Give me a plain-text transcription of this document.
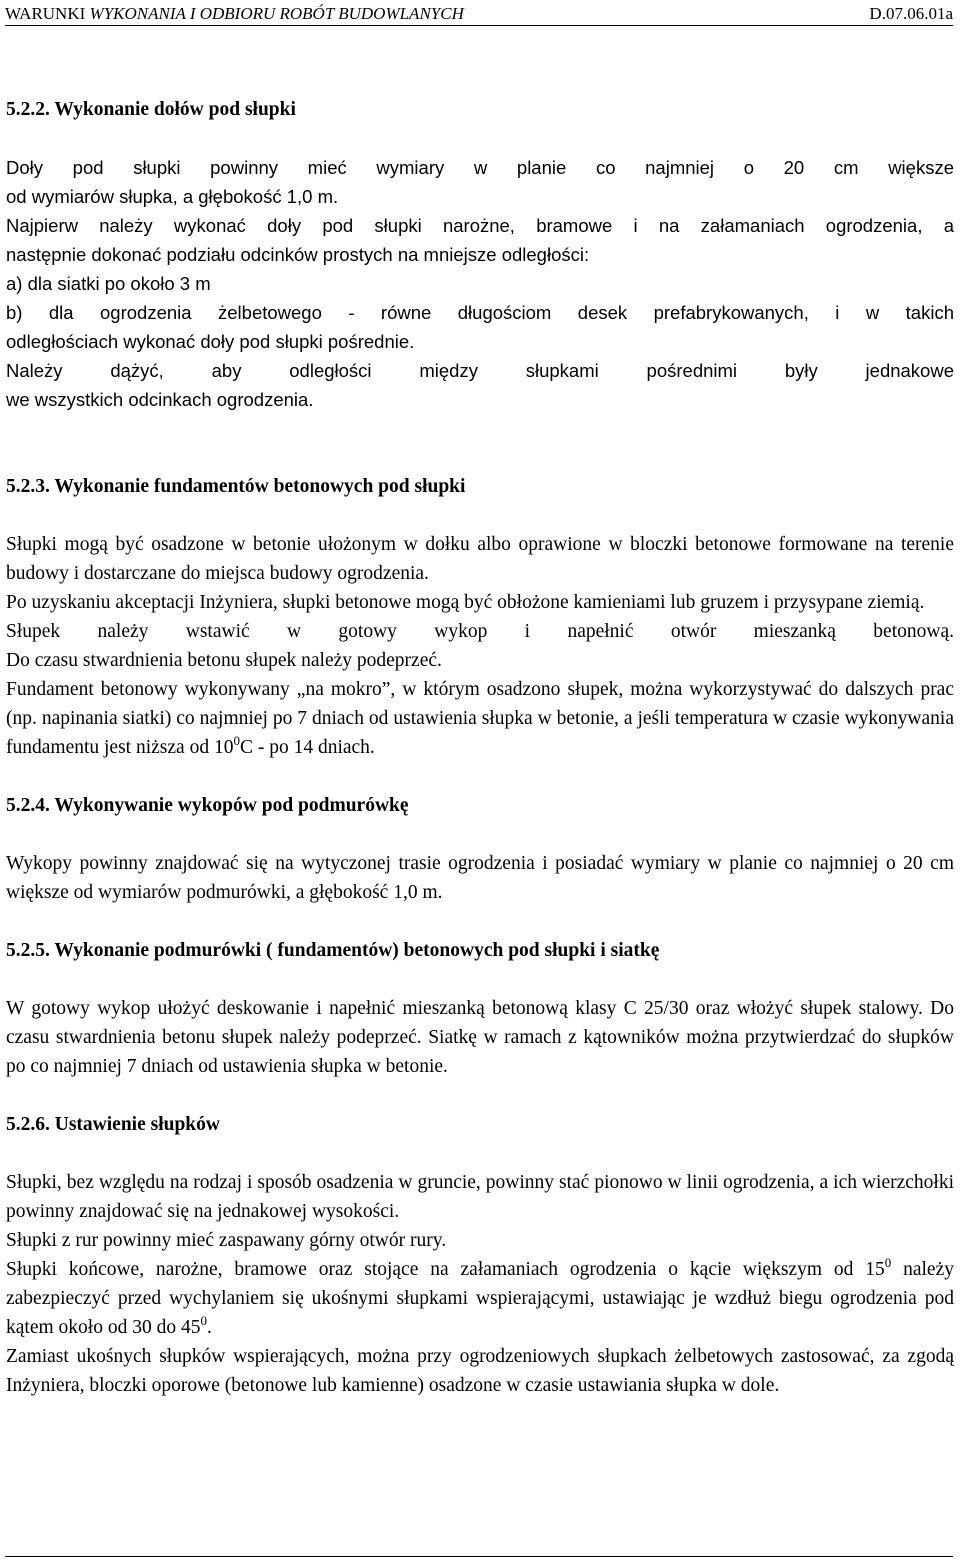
WARUNKI WYKONANIA I ODBIORU ROBÓT BUDOWLANYCH	D.07.06.01a

5.2.2. Wykonanie dołów pod słupki

Doły pod słupki powinny mieć wymiary w planie co najmniej o 20 cm większe

od wymiarów słupka, a głębokość 1,0 m.

Najpierw należy wykonać doły pod słupki narożne, bramowe i na załamaniach ogrodzenia, a

następnie dokonać podziału odcinków prostych na mniejsze odległości:

a) dla siatki po około 3 m

b) dla ogrodzenia żelbetowego - równe długościom desek prefabrykowanych, i w takich

odległościach wykonać doły pod słupki pośrednie.

Należy dążyć, aby odległości między słupkami pośrednimi były jednakowe

we wszystkich odcinkach ogrodzenia.

5.2.3. Wykonanie fundamentów betonowych pod słupki

Słupki mogą być osadzone w betonie ułożonym w dołku albo oprawione w bloczki betonowe formowane na terenie budowy i dostarczane do miejsca budowy ogrodzenia.

Po uzyskaniu akceptacji Inżyniera, słupki betonowe mogą być obłożone kamieniami lub gruzem i przysypane ziemią.

Słupek należy wstawić w gotowy wykop i napełnić otwór mieszanką betonową.

Do czasu stwardnienia betonu słupek należy podeprzeć.

Fundament betonowy wykonywany „na mokro”, w którym osadzono słupek, można wykorzystywać do dalszych prac (np. napinania siatki) co najmniej po 7 dniach od ustawienia słupka w betonie, a jeśli temperatura w czasie wykonywania fundamentu jest niższa od $10^0C$ - po 14 dniach.

5.2.4. Wykonywanie wykopów pod podmurówkę

Wykopy powinny znajdować się na wytyczonej trasie ogrodzenia i posiadać wymiary w planie co najmniej o 20 cm większe od wymiarów podmurówki, a głębokość 1,0 m.

5.2.5. Wykonanie podmurówki ( fundamentów) betonowych pod słupki i siatkę

W gotowy wykop ułożyć deskowanie i napełnić mieszanką betonową klasy C 25/30 oraz włożyć słupek stalowy. Do czasu stwardnienia betonu słupek należy podeprzeć. Siatkę w ramach z kątowników można przytwierdzać do słupków po co najmniej 7 dniach od ustawienia słupka w betonie.

5.2.6. Ustawienie słupków

Słupki, bez względu na rodzaj i sposób osadzenia w gruncie, powinny stać pionowo w linii ogrodzenia, a ich wierzchołki powinny znajdować się na jednakowej wysokości.

Słupki z rur powinny mieć zaspawany górny otwór rury.

Słupki końcowe, narożne, bramowe oraz stojące na załamaniach ogrodzenia o kącie większym od $15^0$ należy zabezpieczyć przed wychylaniem się ukośnymi słupkami wspierającymi, ustawiając je wzdłuż biegu ogrodzenia pod kątem około od 30 do $45^0$.

Zamiast ukośnych słupków wspierających, można przy ogrodzeniowych słupkach żelbetowych zastosować, za zgodą Inżyniera, bloczki oporowe (betonowe lub kamienne) osadzone w czasie ustawiania słupka w dole.
